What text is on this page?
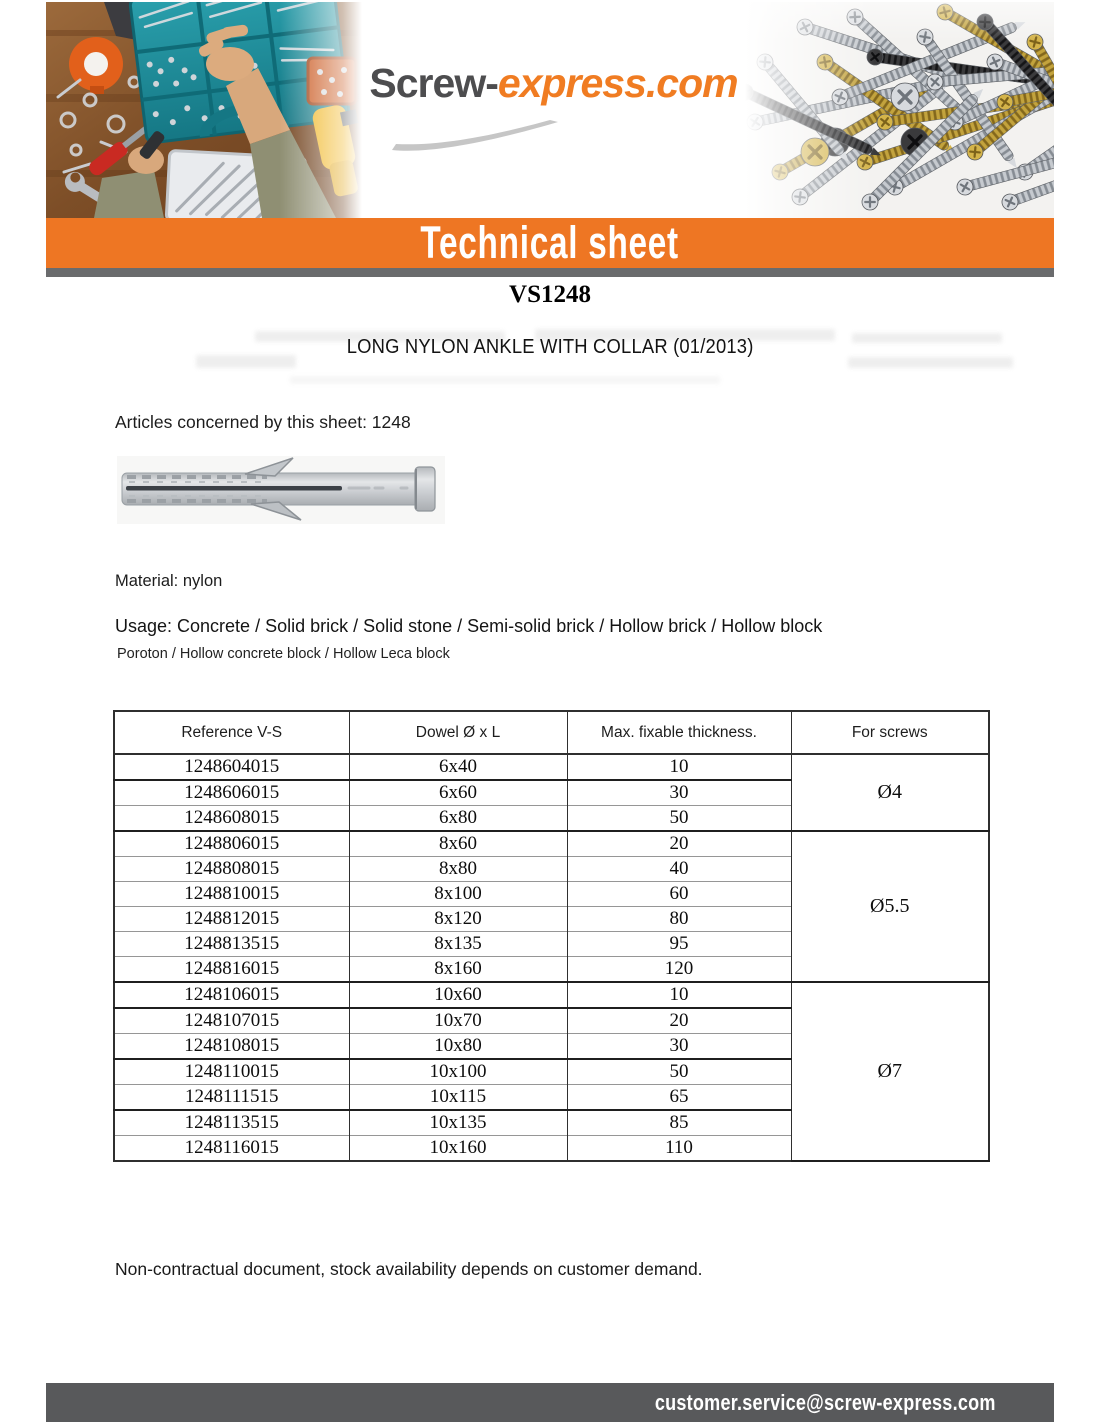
Screw-express.com
Technical sheet
VS1248
LONG NYLON ANKLE WITH COLLAR (01/2013)
Articles concerned by this sheet: 1248
Material: nylon
Usage: Concrete / Solid brick / Solid stone / Semi-solid brick / Hollow brick / Hollow block
Poroton / Hollow concrete block / Hollow Leca block
Reference V-S	Dowel Ø x L	Max. fixable thickness.	For screws
1248604015	6x40	10	Ø4
1248606015	6x60	30	
1248608015	6x80	50	
1248806015	8x60	20	Ø5.5
1248808015	8x80	40	
1248810015	8x100	60	
1248812015	8x120	80	
1248813515	8x135	95	
1248816015	8x160	120	
1248106015	10x60	10	Ø7
1248107015	10x70	20	
1248108015	10x80	30	
1248110015	10x100	50	
1248111515	10x115	65	
1248113515	10x135	85	
1248116015	10x160	110	
Non-contractual document, stock availability depends on customer demand.
customer.service@screw-express.com
